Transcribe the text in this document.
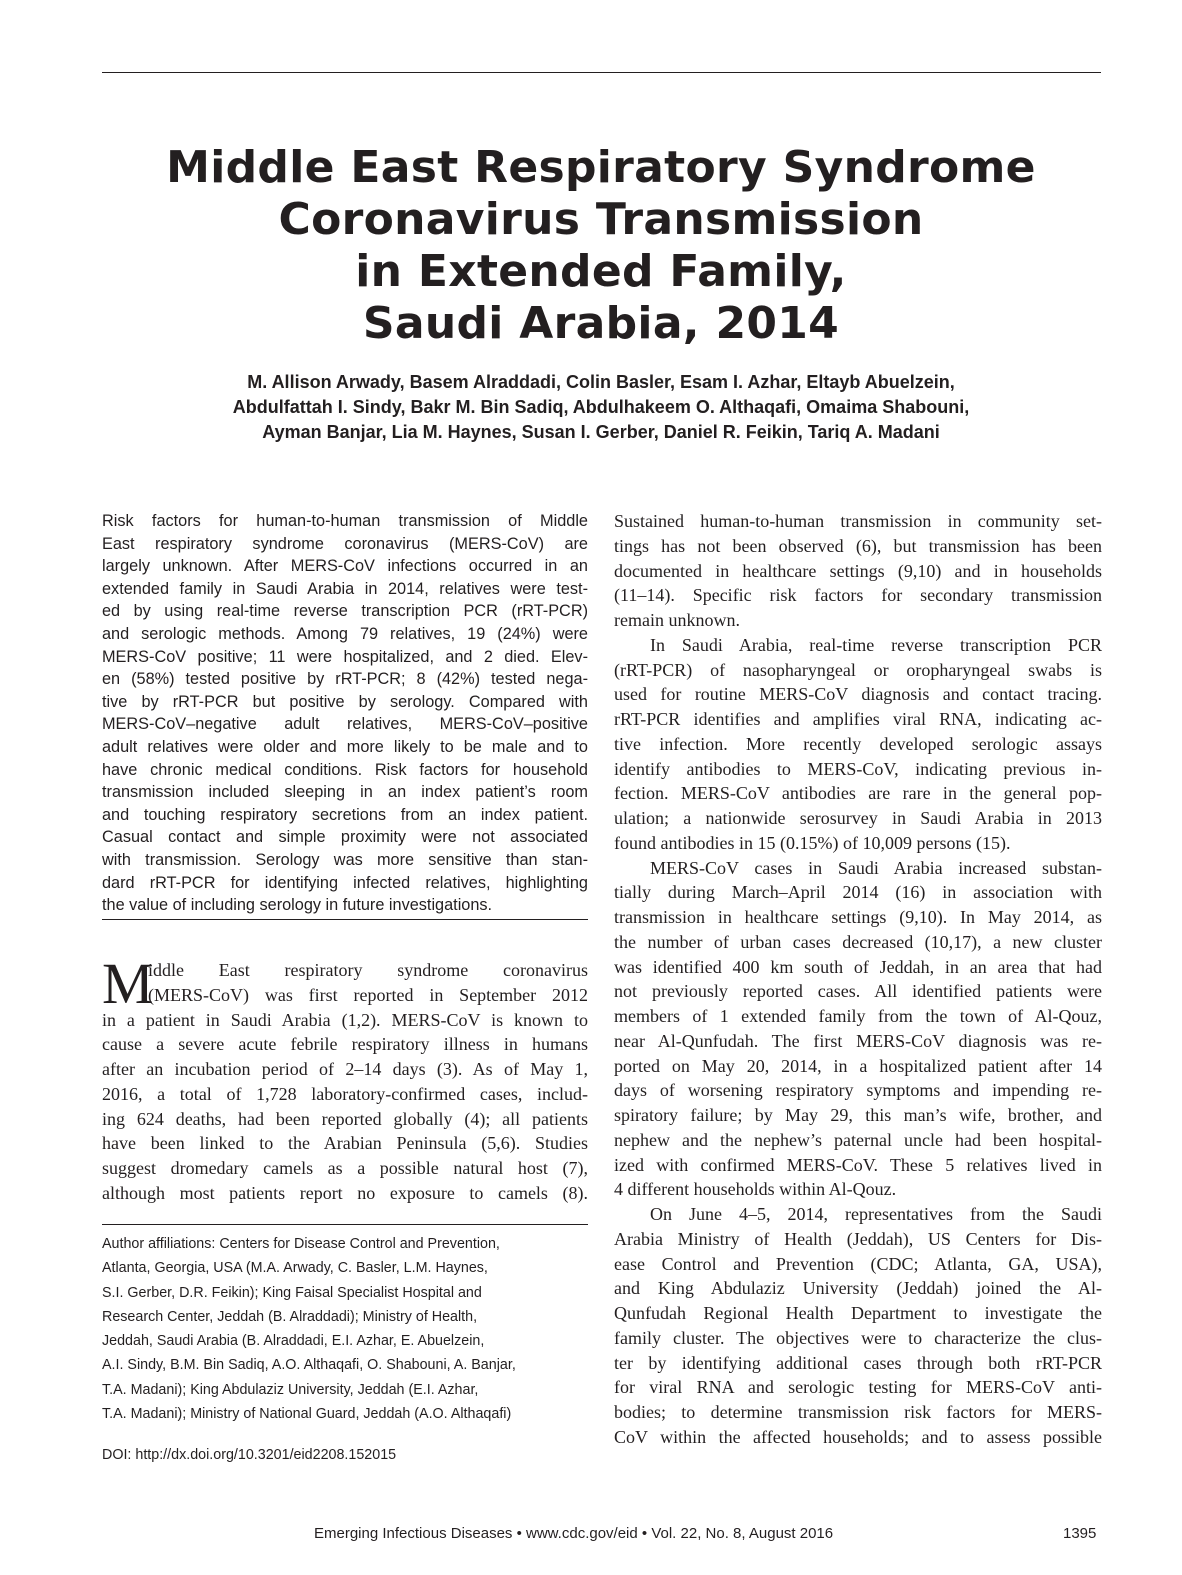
Middle East Respiratory Syndrome
Coronavirus Transmission
in Extended Family,
Saudi Arabia, 2014
M. Allison Arwady, Basem Alraddadi, Colin Basler, Esam I. Azhar, Eltayb Abuelzein,
Abdulfattah I. Sindy, Bakr M. Bin Sadiq, Abdulhakeem O. Althaqafi, Omaima Shabouni,
Ayman Banjar, Lia M. Haynes, Susan I. Gerber, Daniel R. Feikin, Tariq A. Madani
Risk factors for human-to-human transmission of Middle
East respiratory syndrome coronavirus (MERS-CoV) are
largely unknown. After MERS-CoV infections occurred in an
extended family in Saudi Arabia in 2014, relatives were test-
ed by using real-time reverse transcription PCR (rRT-PCR)
and serologic methods. Among 79 relatives, 19 (24%) were
MERS-CoV positive; 11 were hospitalized, and 2 died. Elev-
en (58%) tested positive by rRT-PCR; 8 (42%) tested nega-
tive by rRT-PCR but positive by serology. Compared with
MERS-CoV–negative adult relatives, MERS-CoV–positive
adult relatives were older and more likely to be male and to
have chronic medical conditions. Risk factors for household
transmission included sleeping in an index patient’s room
and touching respiratory secretions from an index patient.
Casual contact and simple proximity were not associated
with transmission. Serology was more sensitive than stan-
dard rRT-PCR for identifying infected relatives, highlighting
the value of including serology in future investigations.
M
iddle East respiratory syndrome coronavirus
(MERS-CoV) was first reported in September 2012
in a patient in Saudi Arabia (1,2). MERS-CoV is known to
cause a severe acute febrile respiratory illness in humans
after an incubation period of 2–14 days (3). As of May 1,
2016, a total of 1,728 laboratory-confirmed cases, includ-
ing 624 deaths, had been reported globally (4); all patients
have been linked to the Arabian Peninsula (5,6). Studies
suggest dromedary camels as a possible natural host (7),
although most patients report no exposure to camels (8).
Author affiliations: Centers for Disease Control and Prevention,
Atlanta, Georgia, USA (M.A. Arwady, C. Basler, L.M. Haynes,
S.I. Gerber, D.R. Feikin); King Faisal Specialist Hospital and
Research Center, Jeddah (B. Alraddadi); Ministry of Health,
Jeddah, Saudi Arabia (B. Alraddadi, E.I. Azhar, E. Abuelzein,
A.I. Sindy, B.M. Bin Sadiq, A.O. Althaqafi, O. Shabouni, A. Banjar,
T.A. Madani); King Abdulaziz University, Jeddah (E.I. Azhar,
T.A. Madani); Ministry of National Guard, Jeddah (A.O. Althaqafi)
DOI: http://dx.doi.org/10.3201/eid2208.152015
Sustained human-to-human transmission in community set-
tings has not been observed (6), but transmission has been
documented in healthcare settings (9,10) and in households
(11–14). Specific risk factors for secondary transmission
remain unknown.
In Saudi Arabia, real-time reverse transcription PCR
(rRT-PCR) of nasopharyngeal or oropharyngeal swabs is
used for routine MERS-CoV diagnosis and contact tracing.
rRT-PCR identifies and amplifies viral RNA, indicating ac-
tive infection. More recently developed serologic assays
identify antibodies to MERS-CoV, indicating previous in-
fection. MERS-CoV antibodies are rare in the general pop-
ulation; a nationwide serosurvey in Saudi Arabia in 2013
found antibodies in 15 (0.15%) of 10,009 persons (15).
MERS-CoV cases in Saudi Arabia increased substan-
tially during March–April 2014 (16) in association with
transmission in healthcare settings (9,10). In May 2014, as
the number of urban cases decreased (10,17), a new cluster
was identified 400 km south of Jeddah, in an area that had
not previously reported cases. All identified patients were
members of 1 extended family from the town of Al-Qouz,
near Al-Qunfudah. The first MERS-CoV diagnosis was re-
ported on May 20, 2014, in a hospitalized patient after 14
days of worsening respiratory symptoms and impending re-
spiratory failure; by May 29, this man’s wife, brother, and
nephew and the nephew’s paternal uncle had been hospital-
ized with confirmed MERS-CoV. These 5 relatives lived in
4 different households within Al-Qouz.
On June 4–5, 2014, representatives from the Saudi
Arabia Ministry of Health (Jeddah), US Centers for Dis-
ease Control and Prevention (CDC; Atlanta, GA, USA),
and King Abdulaziz University (Jeddah) joined the Al-
Qunfudah Regional Health Department to investigate the
family cluster. The objectives were to characterize the clus-
ter by identifying additional cases through both rRT-PCR
for viral RNA and serologic testing for MERS-CoV anti-
bodies; to determine transmission risk factors for MERS-
CoV within the affected households; and to assess possible
Emerging Infectious Diseases • www.cdc.gov/eid • Vol. 22, No. 8, August 2016	1395
